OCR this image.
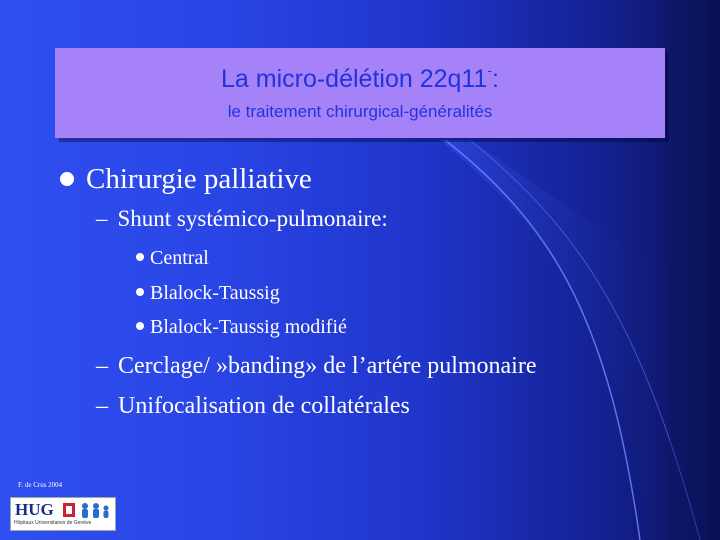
La micro-délétion 22q11-:
le traitement chirurgical-généralités
Chirurgie palliative
– Shunt systémico-pulmonaire:
Central
Blalock-Taussig
Blalock-Taussig modifié
– Cerclage/ »banding» de l’artére pulmonaire
– Unifocalisation de collatérales
F. de Crus 2004
HUG
Hôpitaux Universitaires de Genève
